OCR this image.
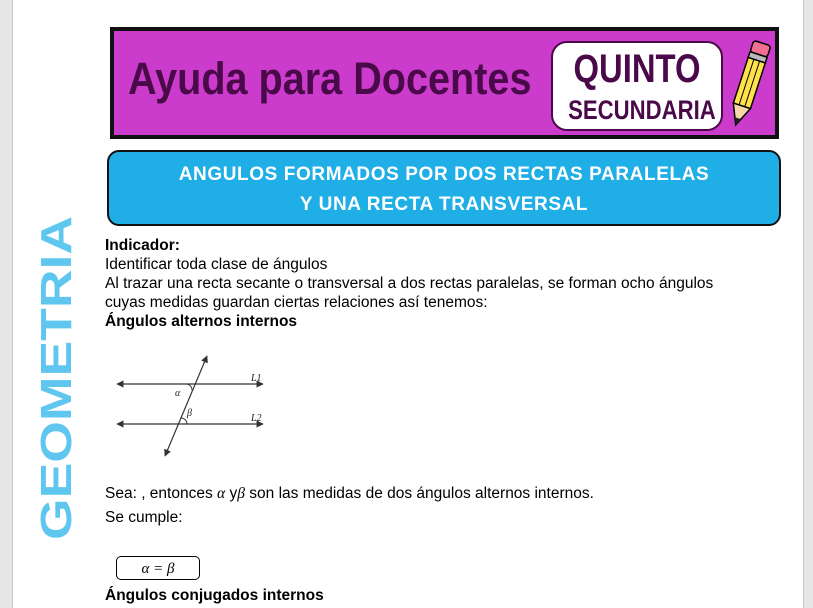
GEOMETRIA
Ayuda para Docentes QUINTO
SECUNDARIA
ANGULOS FORMADOS POR DOS RECTAS PARALELAS
Y UNA RECTA TRANSVERSAL

Indicador:

Identificar toda clase de ángulos

Al trazar una recta secante o transversal a dos rectas paralelas, se forman ocho ángulos cuyas medidas guardan ciertas relaciones así tenemos:

Ángulos alternos internos

α
β
L1
L2
Sea: , entonces α yβ son las medidas de dos ángulos alternos internos.
Se cumple:
α = β
Ángulos conjugados internos
